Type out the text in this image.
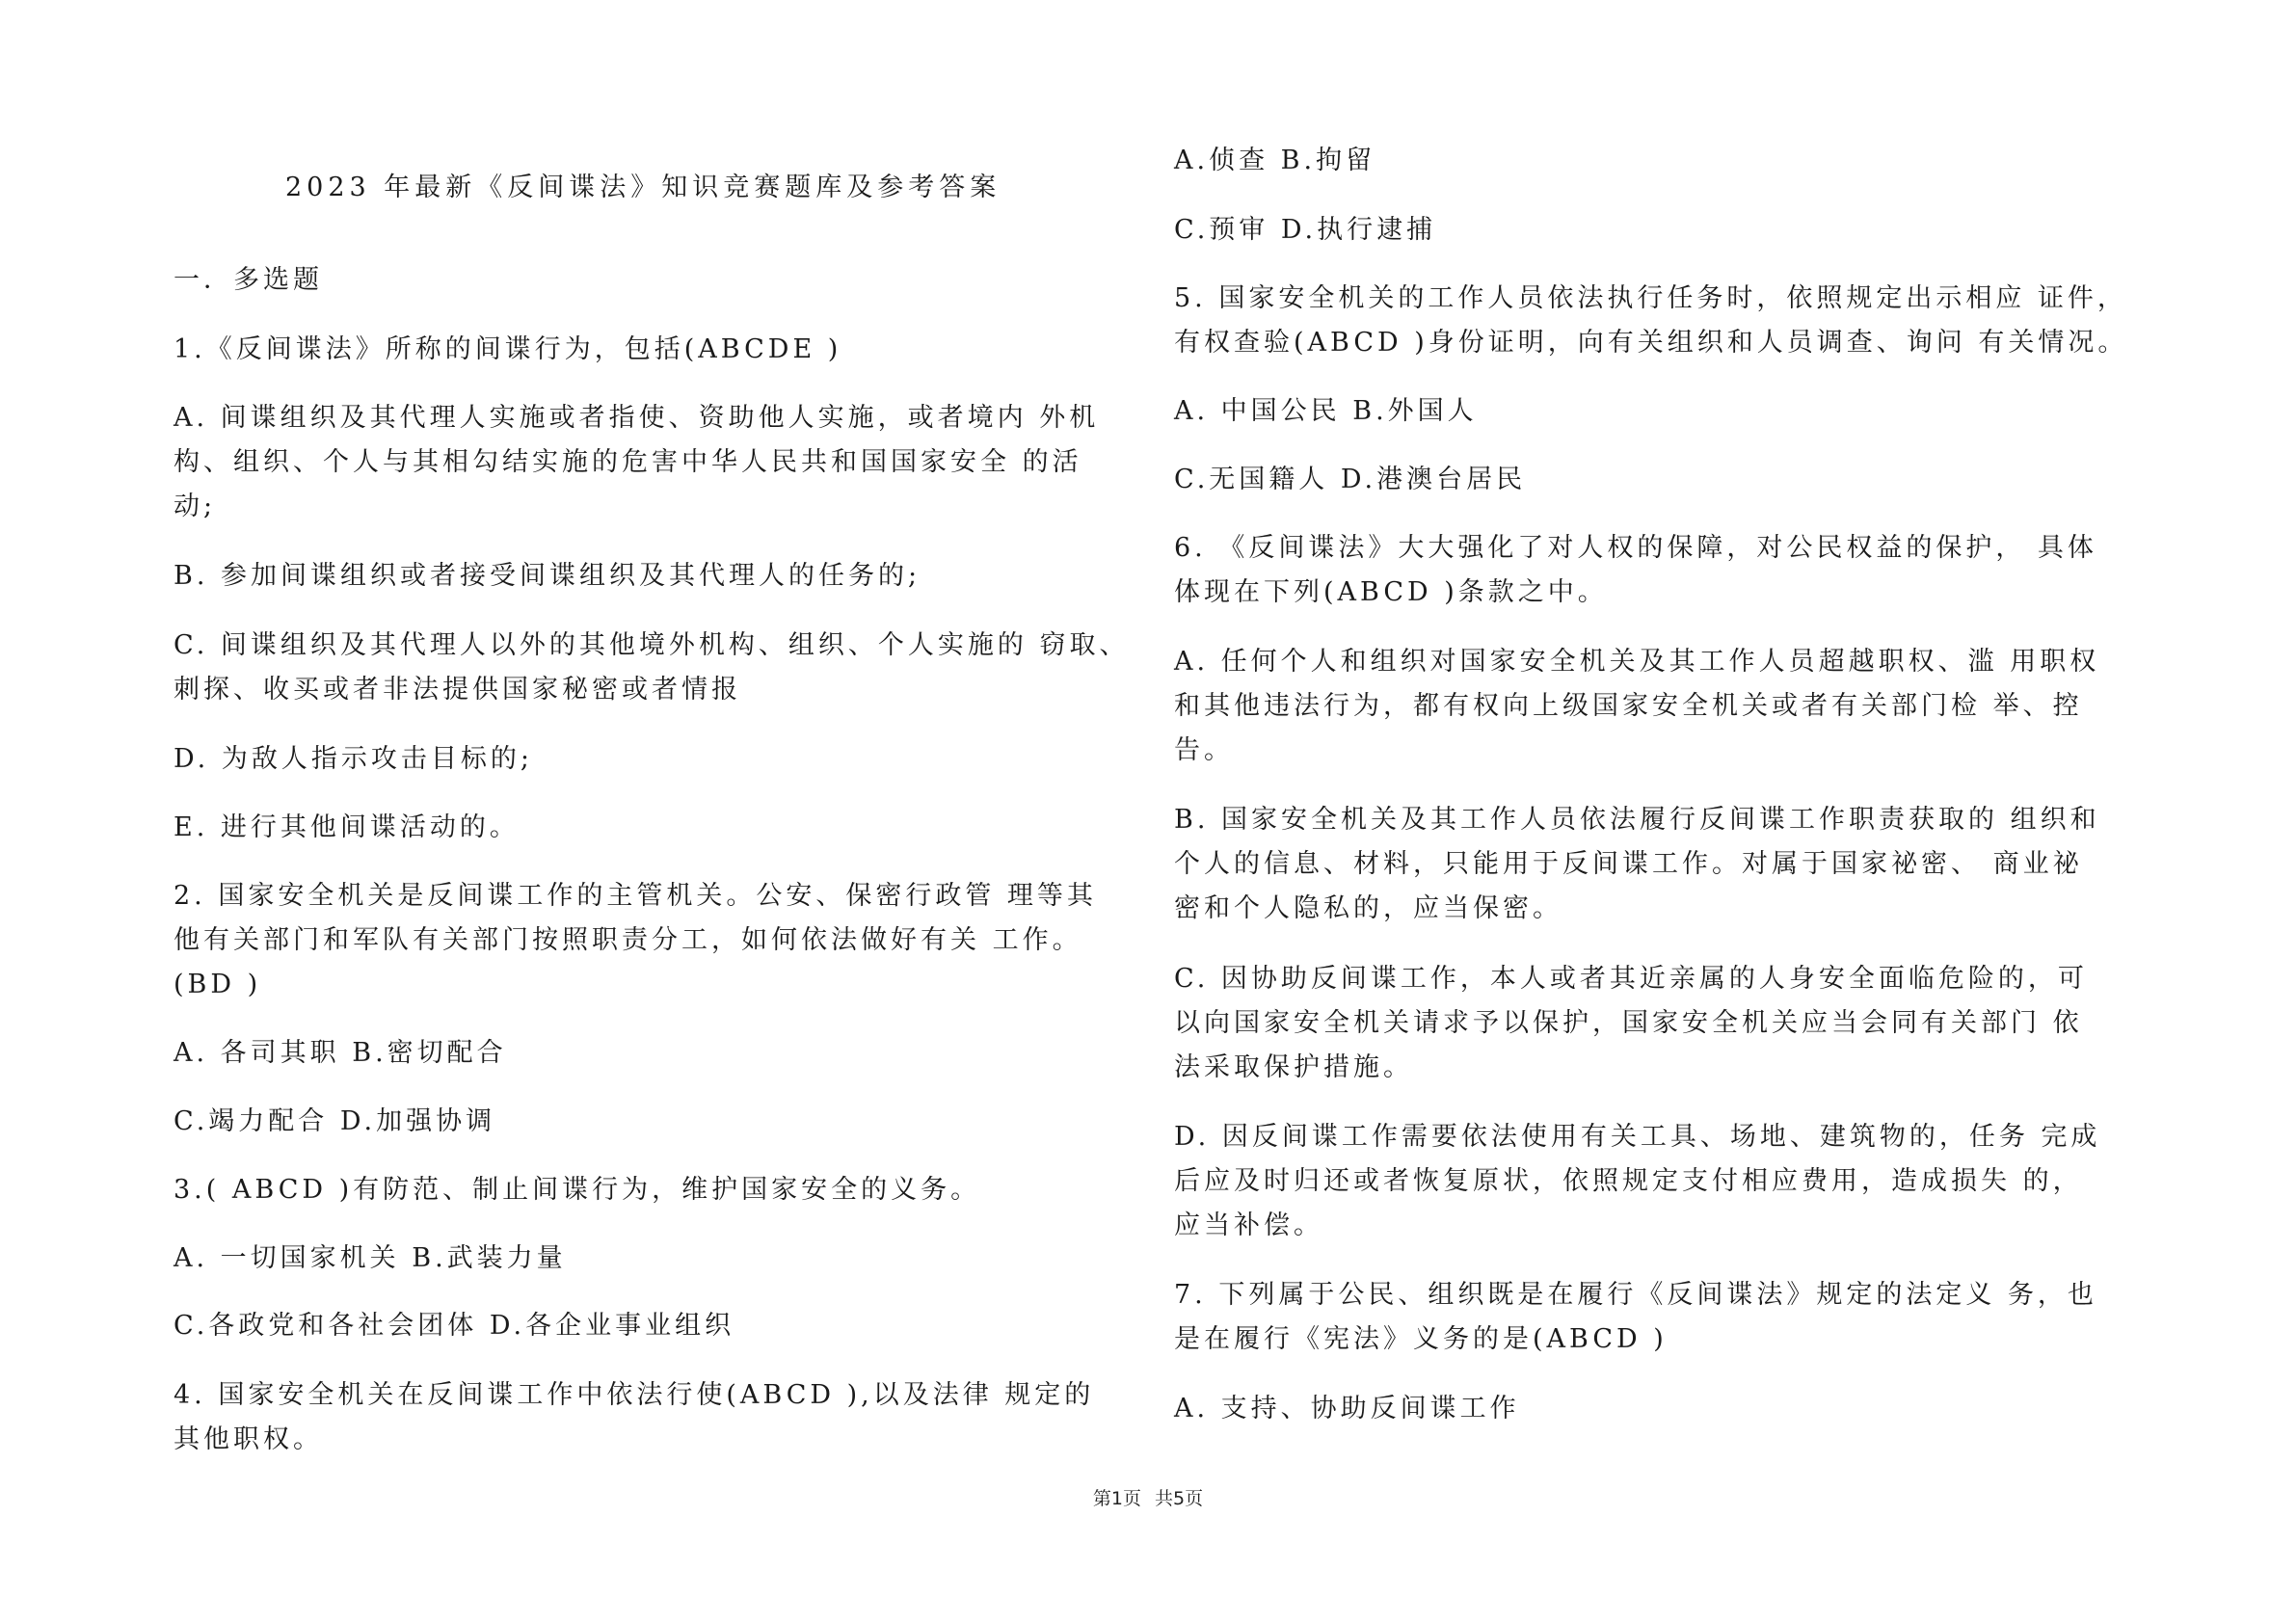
2023 年最新《反间谍法》知识竞赛题库及参考答案
一．多选题
1.《反间谍法》所称的间谍行为，包括(ABCDE )
A. 间谍组织及其代理人实施或者指使、资助他人实施，或者境内 外机
构、组织、个人与其相勾结实施的危害中华人民共和国国家安全 的活
动;
B. 参加间谍组织或者接受间谍组织及其代理人的任务的;
C. 间谍组织及其代理人以外的其他境外机构、组织、个人实施的 窃取、
刺探、收买或者非法提供国家秘密或者情报
D. 为敌人指示攻击目标的;
E. 进行其他间谍活动的。
2. 国家安全机关是反间谍工作的主管机关。公安、保密行政管 理等其
他有关部门和军队有关部门按照职责分工，如何依法做好有关 工作。
(BD )
A. 各司其职 B.密切配合
C.竭力配合 D.加强协调
3.( ABCD )有防范、制止间谍行为，维护国家安全的义务。
A. 一切国家机关 B.武装力量
C.各政党和各社会团体 D.各企业事业组织
4. 国家安全机关在反间谍工作中依法行使(ABCD ),以及法律 规定的
其他职权。
A.侦查 B.拘留
C.预审 D.执行逮捕
5. 国家安全机关的工作人员依法执行任务时，依照规定出示相应 证件，
有权查验(ABCD )身份证明，向有关组织和人员调查、询问 有关情况。
A. 中国公民 B.外国人
C.无国籍人 D.港澳台居民
6. 《反间谍法》大大强化了对人权的保障，对公民权益的保护， 具体
体现在下列(ABCD )条款之中。
A. 任何个人和组织对国家安全机关及其工作人员超越职权、滥 用职权
和其他违法行为，都有权向上级国家安全机关或者有关部门检 举、控
告。
B. 国家安全机关及其工作人员依法履行反间谍工作职责获取的 组织和
个人的信息、材料，只能用于反间谍工作。对属于国家祕密、 商业祕
密和个人隐私的，应当保密。
C. 因协助反间谍工作，本人或者其近亲属的人身安全面临危险的，可
以向国家安全机关请求予以保护，国家安全机关应当会同有关部门 依
法采取保护措施。
D. 因反间谍工作需要依法使用有关工具、场地、建筑物的，任务 完成
后应及时归还或者恢复原状，依照规定支付相应费用，造成损失 的，
应当补偿。
7. 下列属于公民、组织既是在履行《反间谍法》规定的法定义 务，也
是在履行《宪法》义务的是(ABCD )
A. 支持、协助反间谍工作
第1页 共5页
